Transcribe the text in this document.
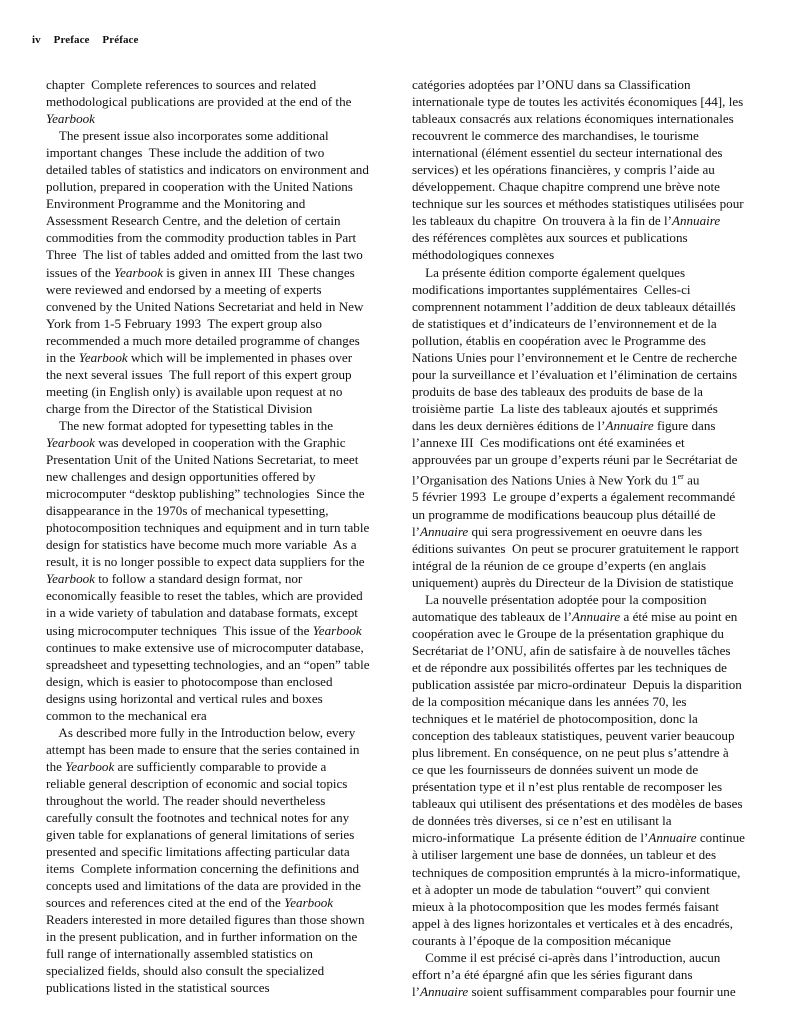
iv Preface Préface
chapter  Complete references to sources and related
methodological publications are provided at the end of the
Yearbook
The present issue also incorporates some additional
important changes  These include the addition of two
detailed tables of statistics and indicators on environment and
pollution, prepared in cooperation with the United Nations
Environment Programme and the Monitoring and
Assessment Research Centre, and the deletion of certain
commodities from the commodity production tables in Part
Three  The list of tables added and omitted from the last two
issues of the Yearbook is given in annex III  These changes
were reviewed and endorsed by a meeting of experts
convened by the United Nations Secretariat and held in New
York from 1-5 February 1993  The expert group also
recommended a much more detailed programme of changes
in the Yearbook which will be implemented in phases over
the next several issues  The full report of this expert group
meeting (in English only) is available upon request at no
charge from the Director of the Statistical Division
The new format adopted for typesetting tables in the
Yearbook was developed in cooperation with the Graphic
Presentation Unit of the United Nations Secretariat, to meet
new challenges and design opportunities offered by
microcomputer “desktop publishing” technologies  Since the
disappearance in the 1970s of mechanical typesetting,
photocomposition techniques and equipment and in turn table
design for statistics have become much more variable  As a
result, it is no longer possible to expect data suppliers for the
Yearbook to follow a standard design format, nor
economically feasible to reset the tables, which are provided
in a wide variety of tabulation and database formats, except
using microcomputer techniques  This issue of the Yearbook
continues to make extensive use of microcomputer database,
spreadsheet and typesetting technologies, and an “open” table
design, which is easier to photocompose than enclosed
designs using horizontal and vertical rules and boxes
common to the mechanical era
As described more fully in the Introduction below, every
attempt has been made to ensure that the series contained in
the Yearbook are sufficiently comparable to provide a
reliable general description of economic and social topics
throughout the world. The reader should nevertheless
carefully consult the footnotes and technical notes for any
given table for explanations of general limitations of series
presented and specific limitations affecting particular data
items  Complete information concerning the definitions and
concepts used and limitations of the data are provided in the
sources and references cited at the end of the Yearbook
Readers interested in more detailed figures than those shown
in the present publication, and in further information on the
full range of internationally assembled statistics on
specialized fields, should also consult the specialized
publications listed in the statistical sources
catégories adoptées par l’ONU dans sa Classification
internationale type de toutes les activités économiques [44], les
tableaux consacrés aux relations économiques internationales
recouvrent le commerce des marchandises, le tourisme
international (élément essentiel du secteur international des
services) et les opérations financières, y compris l’aide au
développement. Chaque chapitre comprend une brève note
technique sur les sources et méthodes statistiques utilisées pour
les tableaux du chapitre  On trouvera à la fin de l’Annuaire
des références complètes aux sources et publications
méthodologiques connexes
La présente édition comporte également quelques
modifications importantes supplémentaires  Celles-ci
comprennent notamment l’addition de deux tableaux détaillés
de statistiques et d’indicateurs de l’environnement et de la
pollution, établis en coopération avec le Programme des
Nations Unies pour l’environnement et le Centre de recherche
pour la surveillance et l’évaluation et l’élimination de certains
produits de base des tableaux des produits de base de la
troisième partie  La liste des tableaux ajoutés et supprimés
dans les deux dernières éditions de l’Annuaire figure dans
l’annexe III  Ces modifications ont été examinées et
approuvées par un groupe d’experts réuni par le Secrétariat de
l’Organisation des Nations Unies à New York du 1er au
5 février 1993  Le groupe d’experts a également recommandé
un programme de modifications beaucoup plus détaillé de
l’Annuaire qui sera progressivement en oeuvre dans les
éditions suivantes  On peut se procurer gratuitement le rapport
intégral de la réunion de ce groupe d’experts (en anglais
uniquement) auprès du Directeur de la Division de statistique
La nouvelle présentation adoptée pour la composition
automatique des tableaux de l’Annuaire a été mise au point en
coopération avec le Groupe de la présentation graphique du
Secrétariat de l’ONU, afin de satisfaire à de nouvelles tâches
et de répondre aux possibilités offertes par les techniques de
publication assistée par micro-ordinateur  Depuis la disparition
de la composition mécanique dans les années 70, les
techniques et le matériel de photocomposition, donc la
conception des tableaux statistiques, peuvent varier beaucoup
plus librement. En conséquence, on ne peut plus s’attendre à
ce que les fournisseurs de données suivent un mode de
présentation type et il n’est plus rentable de recomposer les
tableaux qui utilisent des présentations et des modèles de bases
de données très diverses, si ce n’est en utilisant la
micro-informatique  La présente édition de l’Annuaire continue
à utiliser largement une base de données, un tableur et des
techniques de composition empruntés à la micro-informatique,
et à adopter un mode de tabulation “ouvert” qui convient
mieux à la photocomposition que les modes fermés faisant
appel à des lignes horizontales et verticales et à des encadrés,
courants à l’époque de la composition mécanique
Comme il est précisé ci-après dans l’introduction, aucun
effort n’a été épargné afin que les séries figurant dans
l’Annuaire soient suffisamment comparables pour fournir une
